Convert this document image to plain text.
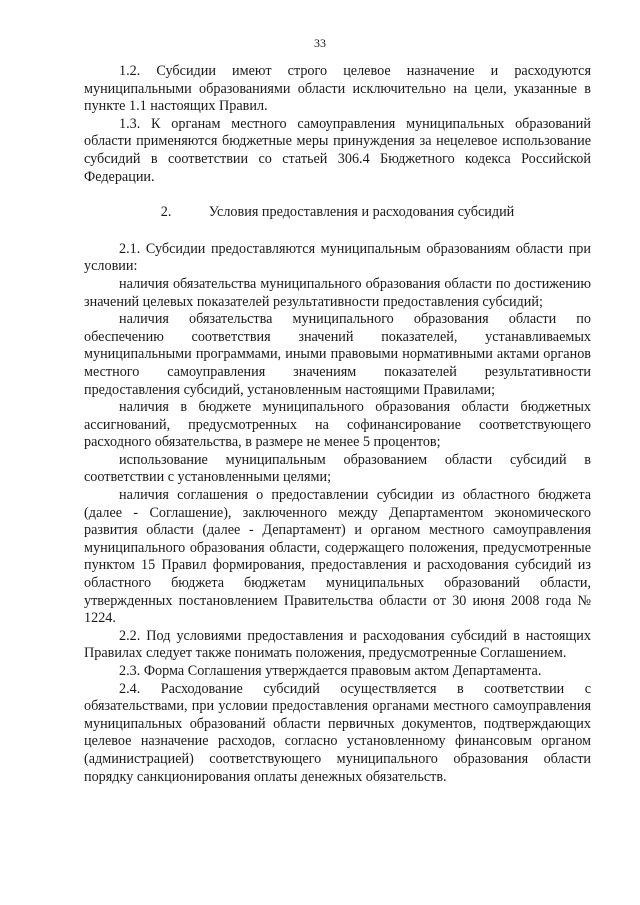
33

1.2. Субсидии имеют строго целевое назначение и расходуются муниципальными образованиями области исключительно на цели, указанные в пункте 1.1 настоящих Правил.

1.3. К органам местного самоуправления муниципальных образований области применяются бюджетные меры принуждения за нецелевое использование субсидий в соответствии со статьей 306.4 Бюджетного кодекса Российской Федерации.

2.	Условия предоставления и расходования субсидий

2.1. Субсидии предоставляются муниципальным образованиям области при условии:

наличия обязательства муниципального образования области по достижению значений целевых показателей результативности предоставления субсидий;

наличия обязательства муниципального образования области по обеспечению соответствия значений показателей, устанавливаемых муниципальными программами, иными правовыми нормативными актами органов местного самоуправления значениям показателей результативности предоставления субсидий, установленным настоящими Правилами;

наличия в бюджете муниципального образования области бюджетных ассигнований, предусмотренных на софинансирование соответствующего расходного обязательства, в размере не менее 5 процентов;

использование муниципальным образованием области субсидий в соответствии с установленными целями;

наличия соглашения о предоставлении субсидии из областного бюджета (далее - Соглашение), заключенного между Департаментом экономического развития области (далее - Департамент) и органом местного самоуправления муниципального образования области, содержащего положения, предусмотренные пунктом 15 Правил формирования, предоставления и расходования субсидий из областного бюджета бюджетам муниципальных образований области, утвержденных постановлением Правительства области от 30 июня 2008 года № 1224.

2.2. Под условиями предоставления и расходования субсидий в настоящих Правилах следует также понимать положения, предусмотренные Соглашением.

2.3. Форма Соглашения утверждается правовым актом Департамента.

2.4. Расходование субсидий осуществляется в соответствии с обязательствами, при условии предоставления органами местного самоуправления муниципальных образований области первичных документов, подтверждающих целевое назначение расходов, согласно установленному финансовым органом (администрацией) соответствующего муниципального образования области порядку санкционирования оплаты денежных обязательств.
